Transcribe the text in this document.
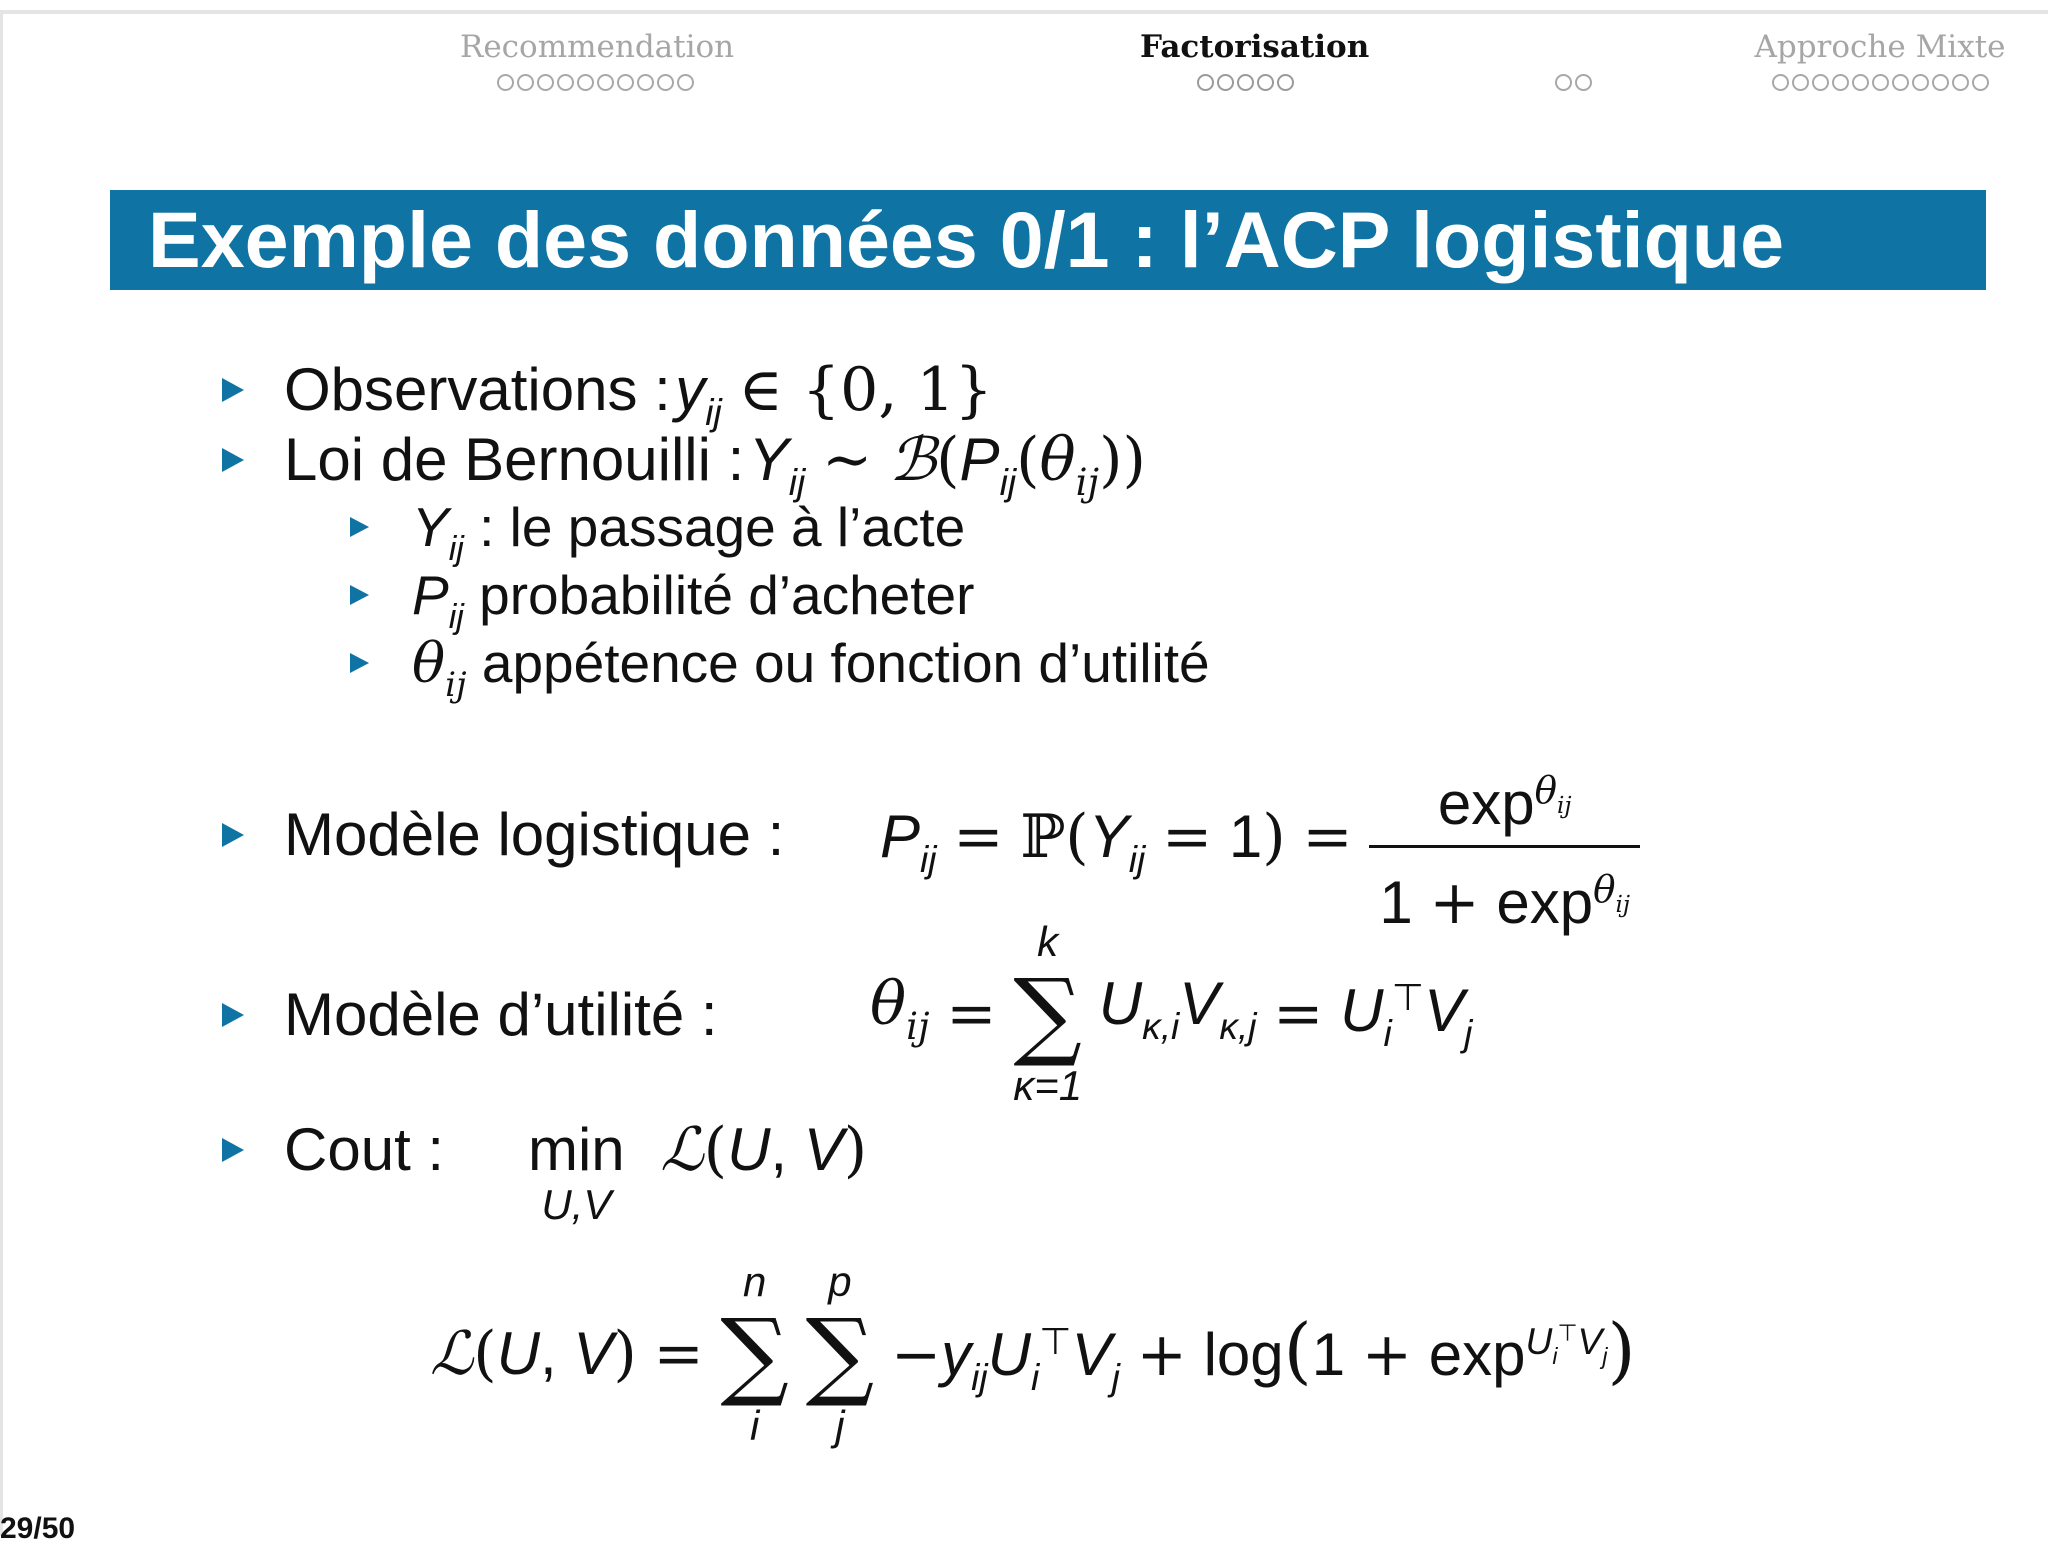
Recommendation	Factorisation	Approche Mixte
Exemple des données 0/1 : l’ACP logistique
Observations : $y_{ij}$ ∈ {0, 1}
Loi de Bernouilli : $Y_{ij}$ ∼ $ℬ(P_{ij}(\theta_{ij}))$
$Y_{ij}$ : le passage à l’acte
$P_{ij}$ probabilité d’acheter
$\theta_{ij}$ appétence ou fonction d’utilité
Modèle logistique : $P_{ij}$ = $ℙ(Y_{ij} = 1) = \frac{\exp^{\theta_{ij}}}{1 + \exp^{\theta_{ij}}}$
Modèle d’utilité :	$\theta_{ij}$ =
k
∑
κ=1
$U_{\kappa,i}V_{\kappa,j} = U_i^⊤V_j$
Cout : min
U,V
ℒ(U, V)
ℒ(U, V) =
n
∑
i

p
∑
j
$-y_{ij}U_i^⊤V_j + \log(1 + \exp^{U_i^⊤V_j})$
29/50
